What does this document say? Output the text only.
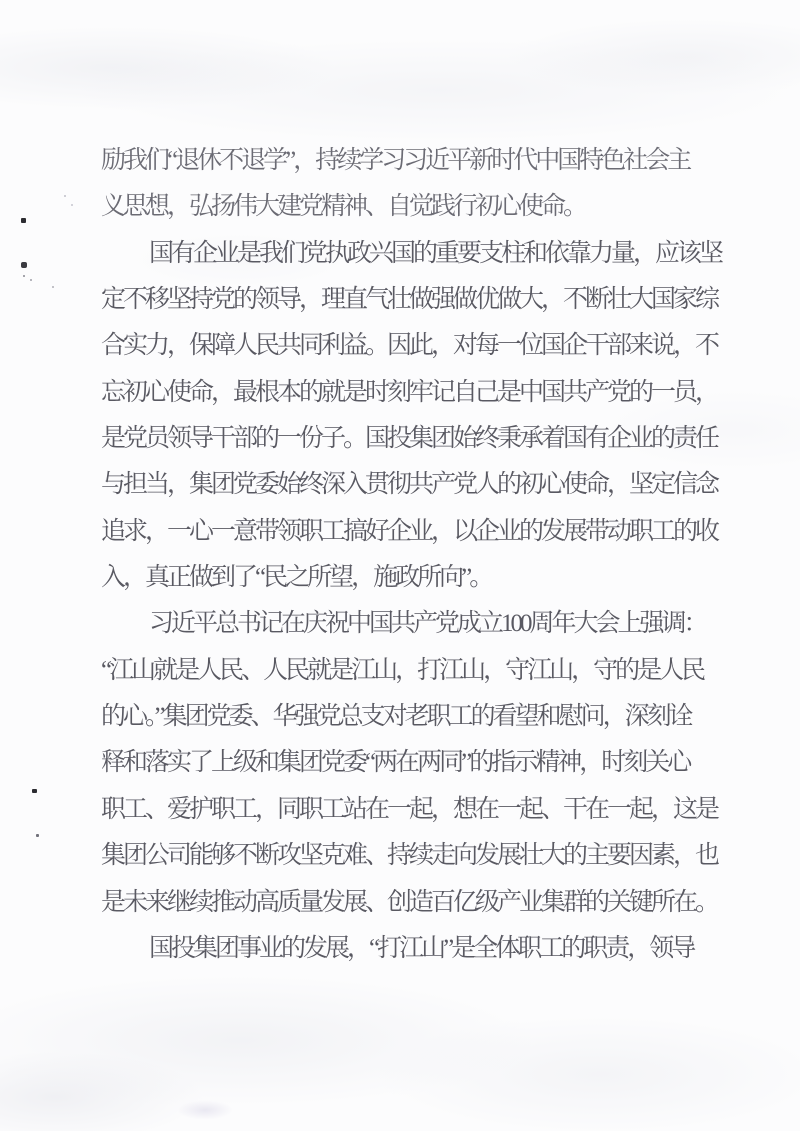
励我们“退休不退学”，持续学习习近平新时代中国特色社会主
义思想，弘扬伟大建党精神、自觉践行初心使命。
国有企业是我们党执政兴国的重要支柱和依靠力量，应该坚
定不移坚持党的领导，理直气壮做强做优做大，不断壮大国家综
合实力，保障人民共同利益。因此，对每一位国企干部来说，不
忘初心使命，最根本的就是时刻牢记自己是中国共产党的一员，
是党员领导干部的一份子。国投集团始终秉承着国有企业的责任
与担当，集团党委始终深入贯彻共产党人的初心使命，坚定信念
追求，一心一意带领职工搞好企业，以企业的发展带动职工的收
入，真正做到了“民之所望，施政所向”。
习近平总书记在庆祝中国共产党成立100周年大会上强调：
“江山就是人民、人民就是江山，打江山，守江山，守的是人民
的心。”集团党委、华强党总支对老职工的看望和慰问，深刻诠
释和落实了上级和集团党委“两在两同”的指示精神，时刻关心
职工、爱护职工，同职工站在一起，想在一起、干在一起，这是
集团公司能够不断攻坚克难、持续走向发展壮大的主要因素，也
是未来继续推动高质量发展、创造百亿级产业集群的关键所在。
国投集团事业的发展，“打江山”是全体职工的职责，领导
